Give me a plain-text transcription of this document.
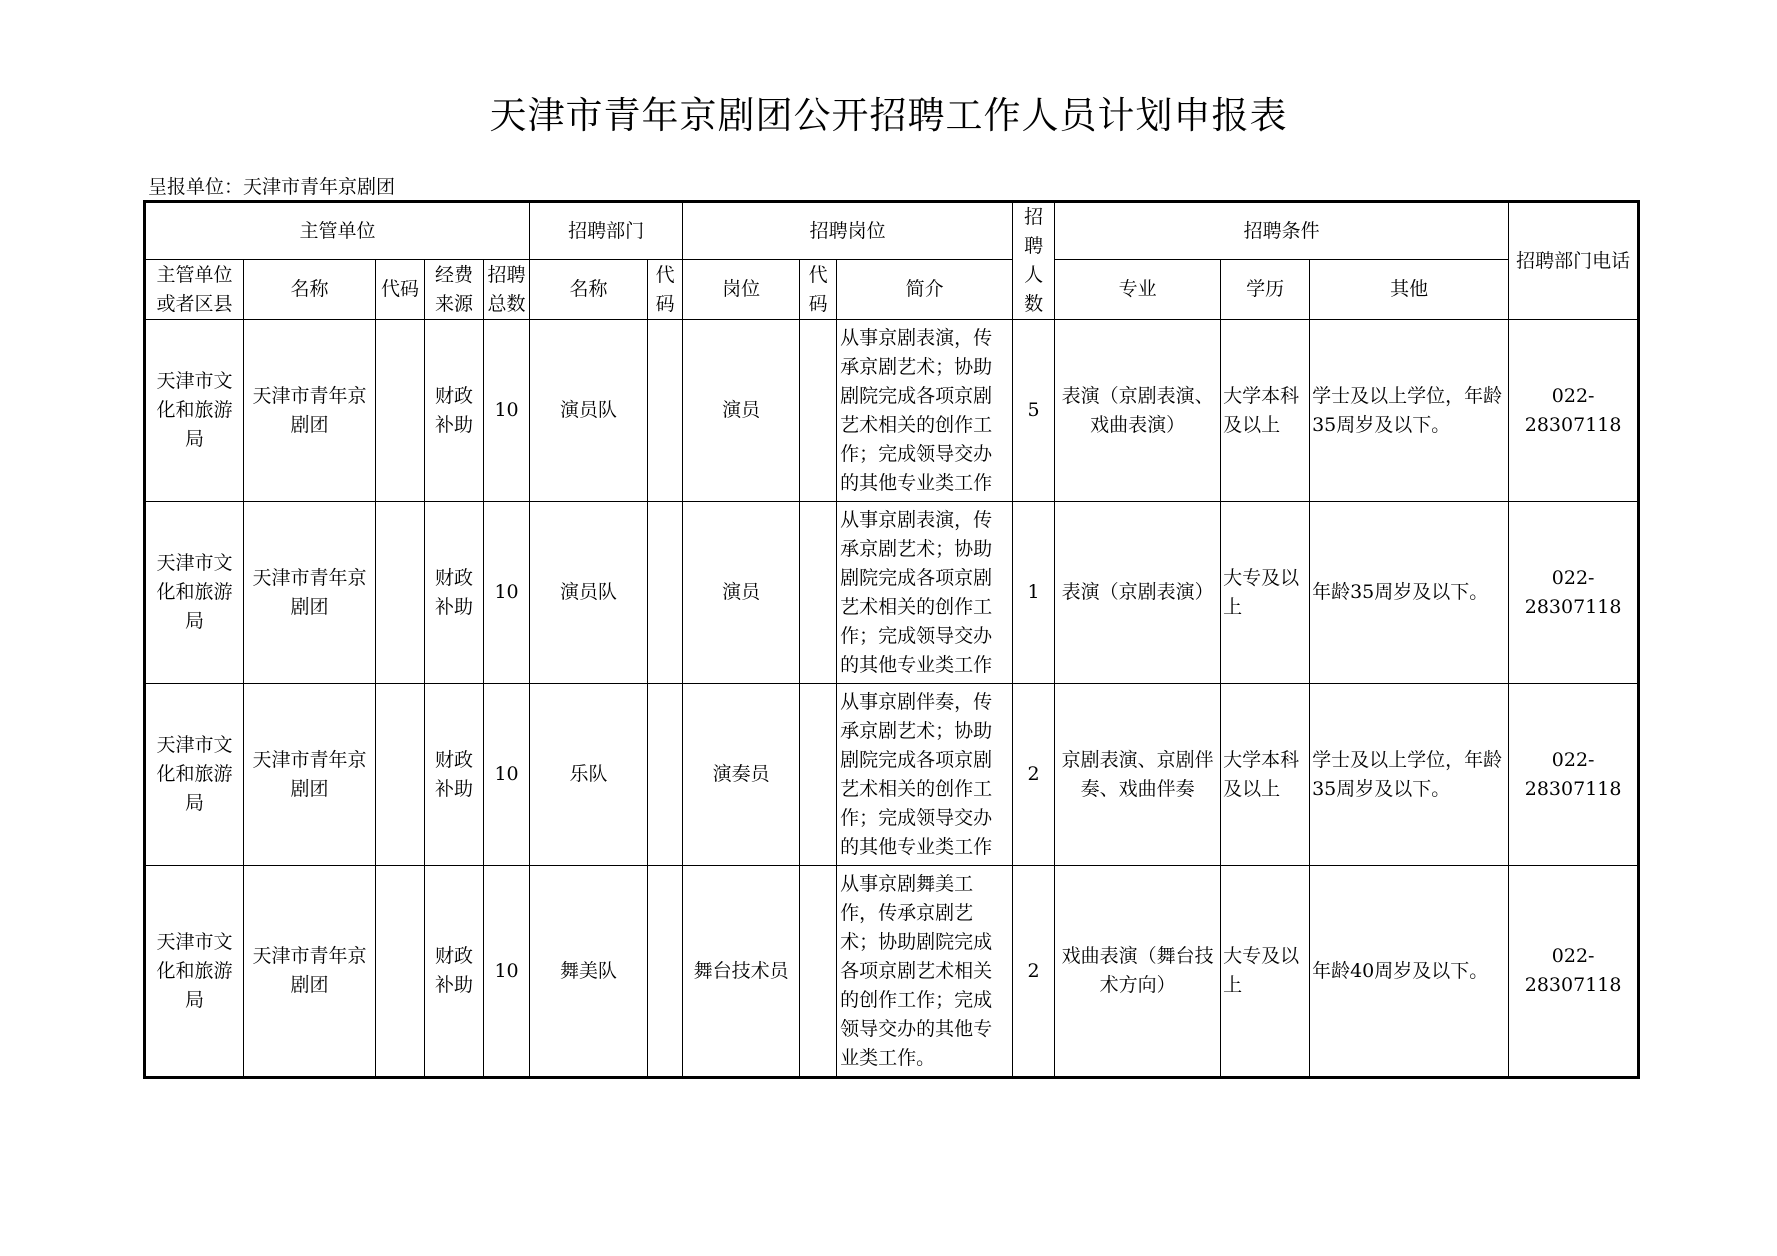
天津市青年京剧团公开招聘工作人员计划申报表
呈报单位：天津市青年京剧团
主管单位					招聘部门		招聘岗位			招聘人数	招聘条件			招聘部门电话
主管单位或者区县	名称	代码	经费来源	招聘总数	名称	代码	岗位	代码	简介		专业	学历	其他	
天津市文化和旅游局	天津市青年京剧团		财政补助	10	演员队		演员		从事京剧表演，传承京剧艺术；协助剧院完成各项京剧艺术相关的创作工作；完成领导交办的其他专业类工作	5	表演（京剧表演、戏曲表演）	大学本科及以上	学士及以上学位，年龄35周岁及以下。	022-28307118
天津市文化和旅游局	天津市青年京剧团		财政补助	10	演员队		演员		从事京剧表演，传承京剧艺术；协助剧院完成各项京剧艺术相关的创作工作；完成领导交办的其他专业类工作	1	表演（京剧表演）	大专及以上	年龄35周岁及以下。	022-28307118
天津市文化和旅游局	天津市青年京剧团		财政补助	10	乐队		演奏员		从事京剧伴奏，传承京剧艺术；协助剧院完成各项京剧艺术相关的创作工作；完成领导交办的其他专业类工作	2	京剧表演、京剧伴奏、戏曲伴奏	大学本科及以上	学士及以上学位，年龄35周岁及以下。	022-28307118
天津市文化和旅游局	天津市青年京剧团		财政补助	10	舞美队		舞台技术员		从事京剧舞美工作，传承京剧艺术；协助剧院完成各项京剧艺术相关的创作工作；完成领导交办的其他专业类工作。	2	戏曲表演（舞台技术方向）	大专及以上	年龄40周岁及以下。	022-28307118
